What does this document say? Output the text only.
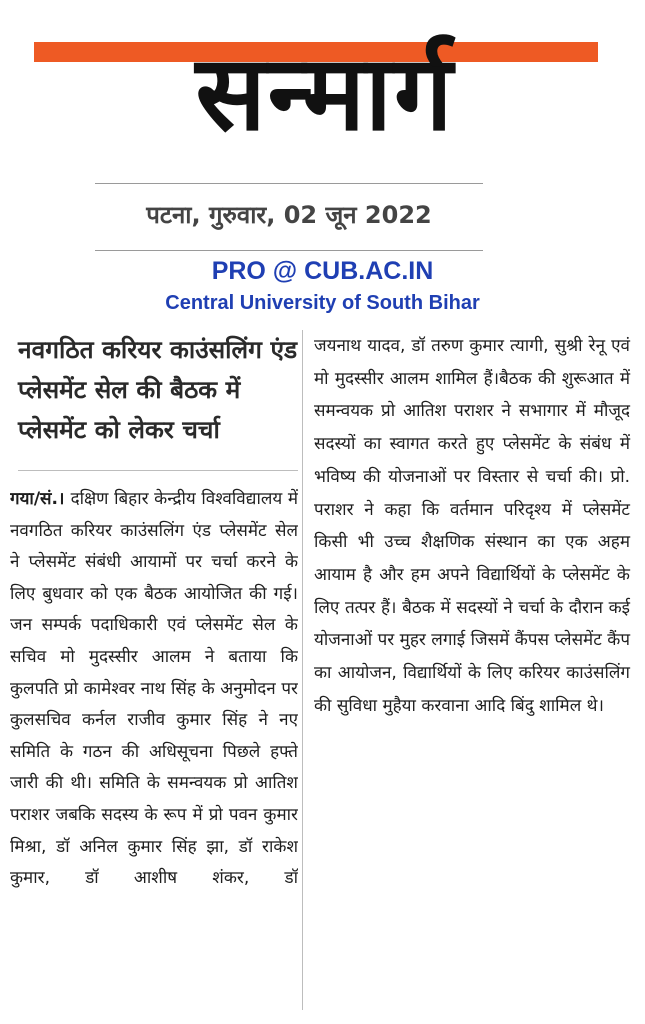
सन्मार्ग
पटना, गुरुवार, 02 जून 2022
PRO @ CUB.AC.IN
Central University of South Bihar
नवगठित करियर काउंसलिंग एंड प्लेसमेंट सेल की बैठक में प्लेसमेंट को लेकर चर्चा
गया/सं.। दक्षिण बिहार केन्द्रीय विश्वविद्यालय में नवगठित करियर काउंसलिंग एंड प्लेसमेंट सेल ने प्लेसमेंट संबंधी आयामों पर चर्चा करने के लिए बुधवार को एक बैठक आयोजित की गई। जन सम्पर्क पदाधिकारी एवं प्लेसमेंट सेल के सचिव मो मुदस्सीर आलम ने बताया कि कुलपति प्रो कामेश्वर नाथ सिंह के अनुमोदन पर कुलसचिव कर्नल राजीव कुमार सिंह ने नए समिति के गठन की अधिसूचना पिछले हफ्ते जारी की थी। समिति के समन्वयक प्रो आतिश पराशर जबकि सदस्य के रूप में प्रो पवन कुमार मिश्रा, डॉ अनिल कुमार सिंह झा, डॉ राकेश कुमार, डॉ आशीष शंकर, डॉ
जयनाथ यादव, डॉ तरुण कुमार त्यागी, सुश्री रेनू एवं मो मुदस्सीर आलम शामिल हैं।बैठक की शुरूआत में समन्वयक प्रो आतिश पराशर ने सभागार में मौजूद सदस्यों का स्वागत करते हुए प्लेसमेंट के संबंध में भविष्य की योजनाओं पर विस्तार से चर्चा की। प्रो. पराशर ने कहा कि वर्तमान परिदृश्य में प्लेसमेंट किसी भी उच्च शैक्षणिक संस्थान का एक अहम आयाम है और हम अपने विद्यार्थियों के प्लेसमेंट के लिए तत्पर हैं। बैठक में सदस्यों ने चर्चा के दौरान कई योजनाओं पर मुहर लगाई जिसमें कैंपस प्लेसमेंट कैंप का आयोजन, विद्यार्थियों के लिए करियर काउंसलिंग की सुविधा मुहैया करवाना आदि बिंदु शामिल थे।
